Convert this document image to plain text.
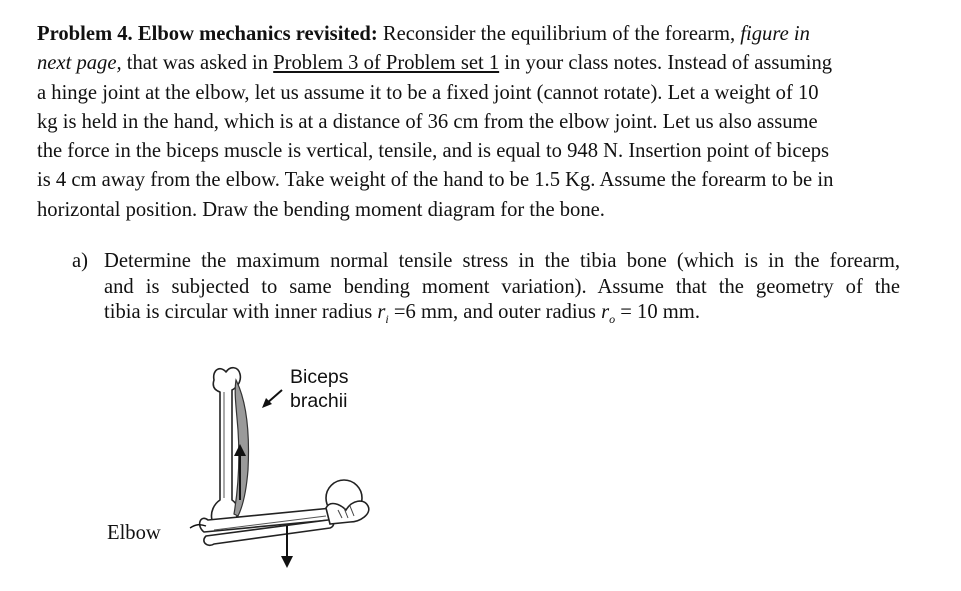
Problem 4. Elbow mechanics revisited: Reconsider the equilibrium of the forearm, figure in
next page, that was asked in Problem 3 of Problem set 1 in your class notes. Instead of assuming
a hinge joint at the elbow, let us assume it to be a fixed joint (cannot rotate). Let a weight of 10
kg is held in the hand, which is at a distance of 36 cm from the elbow joint. Let us also assume
the force in the biceps muscle is vertical, tensile, and is equal to 948 N. Insertion point of biceps
is 4 cm away from the elbow. Take weight of the hand to be 1.5 Kg. Assume the forearm to be in
horizontal position. Draw the bending moment diagram for the bone.
a) Determine the maximum normal tensile stress in the tibia bone (which is in the forearm,
and is subjected to same bending moment variation). Assume that the geometry of the
tibia is circular with inner radius $r_i =6$ mm, and outer radius $r_o = 10$ mm.
Biceps
brachii
Elbow
